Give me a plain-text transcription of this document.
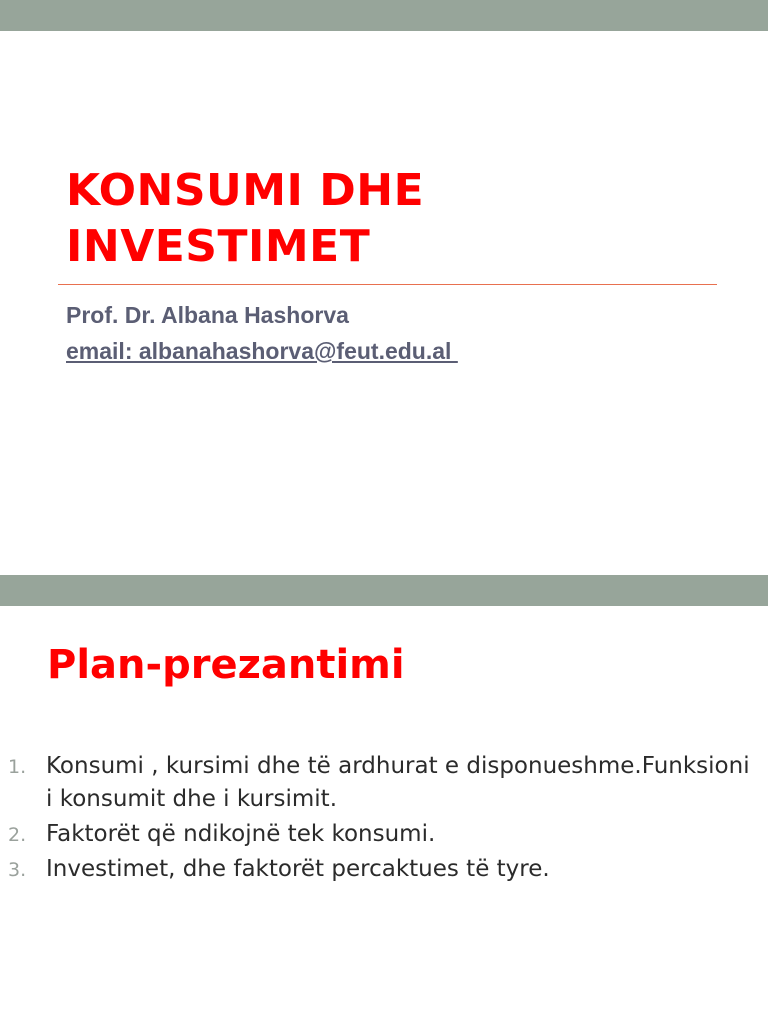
KONSUMI DHE
INVESTIMET
Prof. Dr. Albana Hashorva
email: albanahashorva@feut.edu.al
Plan-prezantimi
1. Konsumi , kursimi dhe të ardhurat e disponueshme.Funksioni i konsumit dhe i kursimit.
2. Faktorët që ndikojnë tek konsumi.
3. Investimet, dhe faktorët percaktues të tyre.
